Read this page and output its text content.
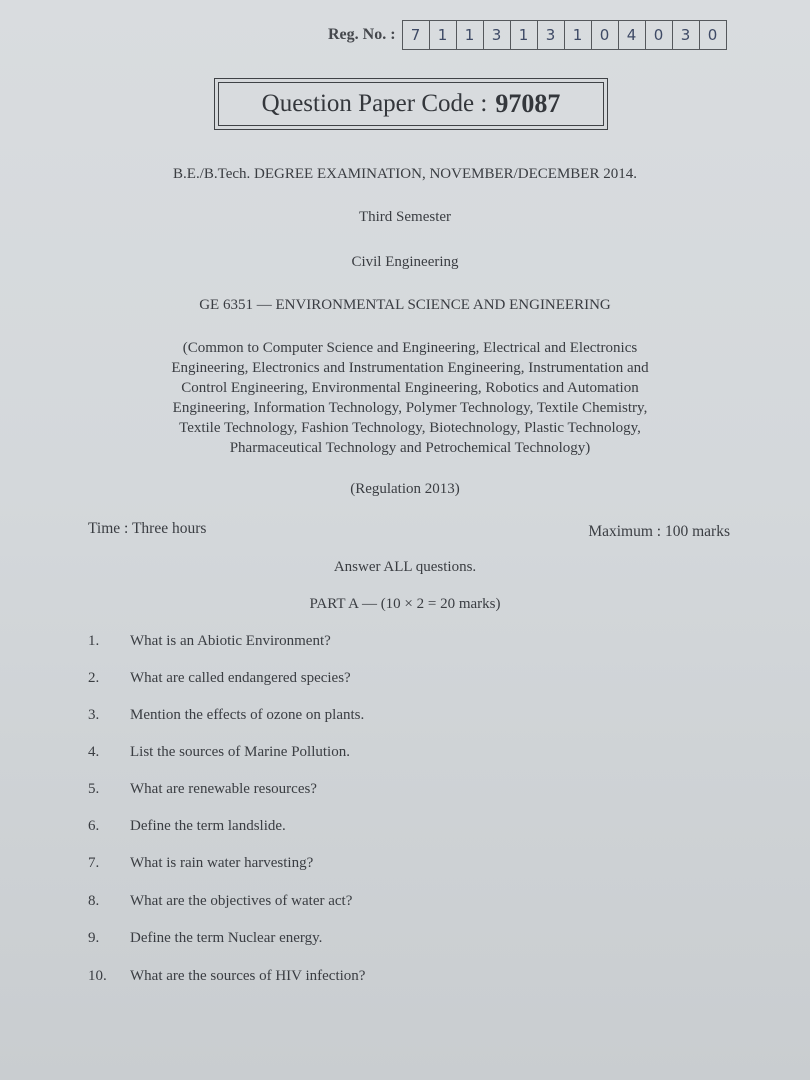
Reg. No. :	7	1	1	3	1	3	1	0	4	0	3	0
Question Paper Code : 97087
B.E./B.Tech. DEGREE EXAMINATION, NOVEMBER/DECEMBER 2014.
Third Semester
Civil Engineering
GE 6351 — ENVIRONMENTAL SCIENCE AND ENGINEERING
(Common to Computer Science and Engineering, Electrical and Electronics
Engineering, Electronics and Instrumentation Engineering, Instrumentation and
Control Engineering, Environmental Engineering, Robotics and Automation
Engineering, Information Technology, Polymer Technology, Textile Chemistry,
Textile Technology, Fashion Technology, Biotechnology, Plastic Technology,
Pharmaceutical Technology and Petrochemical Technology)
(Regulation 2013)
Time : Three hours	Maximum : 100 marks
Answer ALL questions.
PART A — (10 × 2 = 20 marks)
1.	What is an Abiotic Environment?
2.	What are called endangered species?
3.	Mention the effects of ozone on plants.
4.	List the sources of Marine Pollution.
5.	What are renewable resources?
6.	Define the term landslide.
7.	What is rain water harvesting?
8.	What are the objectives of water act?
9.	Define the term Nuclear energy.
10.	What are the sources of HIV infection?
